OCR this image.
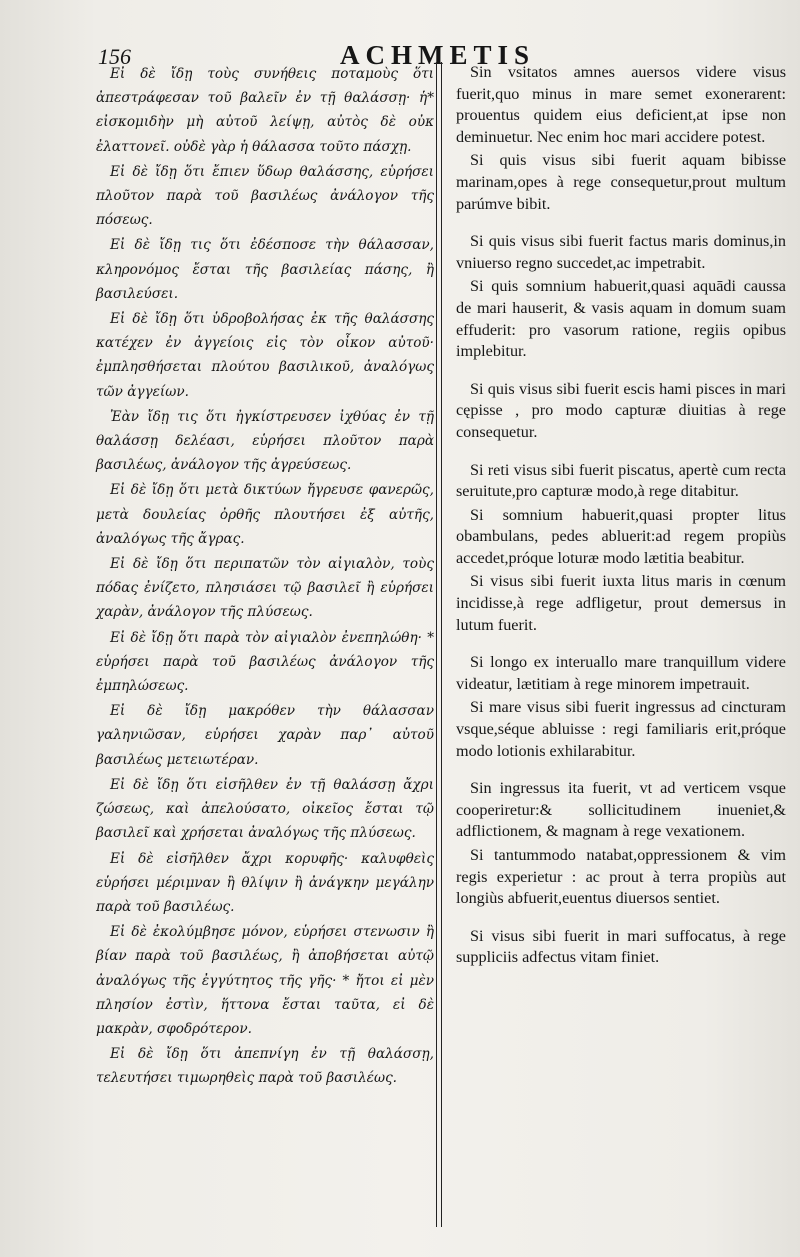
156	ACHMETIS

Εἰ δὲ ἴδῃ τοὺς συνήθεις ποταμοὺς ὅτι ἀπεστράφεσαν τοῦ βαλεῖν ἐν τῇ θαλάσσῃ· ἡ* εἰσκομιδὴν μὴ αὐτοῦ λείψῃ, αὐτὸς δὲ οὐκ ἐλαττονεῖ. οὐδὲ γὰρ ἡ θάλασσα τοῦτο πάσχῃ.

Εἰ δὲ ἴδῃ ὅτι ἔπιεν ὕδωρ θαλάσσης, εὑρήσει πλοῦτον παρὰ τοῦ βασιλέως ἀνάλογον τῆς πόσεως.

Εἰ δὲ ἴδῃ τις ὅτι ἐδέσποσε τὴν θάλασσαν, κληρονόμος ἔσται τῆς βασιλείας πάσης, ἢ βασιλεύσει.

Εἰ δὲ ἴδῃ ὅτι ὑδροβολήσας ἐκ τῆς θαλάσσης κατέχεν ἐν ἀγγείοις εἰς τὸν οἶκον αὐτοῦ· ἐμπλησθήσεται πλούτου βασιλικοῦ, ἀναλόγως τῶν ἀγγείων.

Ἐὰν ἴδῃ τις ὅτι ἠγκίστρευσεν ἰχθύας ἐν τῇ θαλάσσῃ δελέασι, εὑρήσει πλοῦτον παρὰ βασιλέως, ἀνάλογον τῆς ἀγρεύσεως.

Εἰ δὲ ἴδῃ ὅτι μετὰ δικτύων ἤγρευσε φανερῶς, μετὰ δουλείας ὀρθῆς πλουτήσει ἐξ αὐτῆς, ἀναλόγως τῆς ἄγρας.

Εἰ δὲ ἴδῃ ὅτι περιπατῶν τὸν αἰγιαλὸν, τοὺς πόδας ἐνίζετο, πλησιάσει τῷ βασιλεῖ ἢ εὑρήσει χαρὰν, ἀνάλογον τῆς πλύσεως.

Εἰ δὲ ἴδῃ ὅτι παρὰ τὸν αἰγιαλὸν ἐνεπηλώθη· * εὑρήσει παρὰ τοῦ βασιλέως ἀνάλογον τῆς ἐμπηλώσεως.

Εἰ δὲ ἴδῃ μακρόθεν τὴν θάλασσαν γαληνιῶσαν, εὑρήσει χαρὰν παρ᾽ αὐτοῦ βασιλέως μετειωτέραν.

Εἰ δὲ ἴδῃ ὅτι εἰσῆλθεν ἐν τῇ θαλάσσῃ ἄχρι ζώσεως, καὶ ἀπελούσατο, οἰκεῖος ἔσται τῷ βασιλεῖ καὶ χρήσεται ἀναλόγως τῆς πλύσεως.

Εἰ δὲ εἰσῆλθεν ἄχρι κορυφῆς· καλυφθεὶς εὑρήσει μέριμναν ἢ θλίψιν ἢ ἀνάγκην μεγάλην παρὰ τοῦ βασιλέως.

Εἰ δὲ ἐκολύμβησε μόνον, εὑρήσει στενωσιν ἢ βίαν παρὰ τοῦ βασιλέως, ἢ ἀποβήσεται αὐτῷ ἀναλόγως τῆς ἐγγύτητος τῆς γῆς· * ἤτοι εἰ μὲν πλησίον ἐστὶν, ἥττονα ἔσται ταῦτα, εἰ δὲ μακρὰν, σφοδρότερον.

Εἰ δὲ ἴδῃ ὅτι ἀπεπνίγη ἐν τῇ θαλάσσῃ, τελευτήσει τιμωρηθεὶς παρὰ τοῦ βασιλέως.

Sin vsitatos amnes auersos videre visus fuerit,quo minus in mare semet exonerarent: prouentus quidem eius deficient,at ipse non deminuetur. Nec enim hoc mari accidere potest.

Si quis visus sibi fuerit aquam bibisse marinam,opes à rege consequetur,prout multum parúmve bibit.

Si quis visus sibi fuerit factus maris dominus,in vniuerso regno succedet,ac impetrabit.

Si quis somnium habuerit,quasi aquādi caussa de mari hauserit, & vasis aquam in domum suam effuderit: pro vasorum ratione, regiis opibus implebitur.

Si quis visus sibi fuerit escis hami pisces in mari cępisse , pro modo capturæ diuitias à rege consequetur.

Si reti visus sibi fuerit piscatus, apertè cum recta seruitute,pro capturæ modo,à rege ditabitur.

Si somnium habuerit,quasi propter litus obambulans, pedes abluerit:ad regem propiùs accedet,próque loturæ modo lætitia beabitur.

Si visus sibi fuerit iuxta litus maris in cœnum incidisse,à rege adfligetur, prout demersus in lutum fuerit.

Si longo ex interuallo mare tranquillum videre videatur, lætitiam à rege minorem impetrauit.

Si mare visus sibi fuerit ingressus ad cincturam vsque,séque abluisse : regi familiaris erit,próque modo lotionis exhilarabitur.

Sin ingressus ita fuerit, vt ad verticem vsque cooperiretur:& sollicitudinem inueniet,& adflictionem, & magnam à rege vexationem.

Si tantummodo natabat,oppressionem & vim regis experietur : ac prout à terra propiùs aut longiùs abfuerit,euentus diuersos sentiet.

Si visus sibi fuerit in mari suffocatus, à rege suppliciis adfectus vitam finiet.
